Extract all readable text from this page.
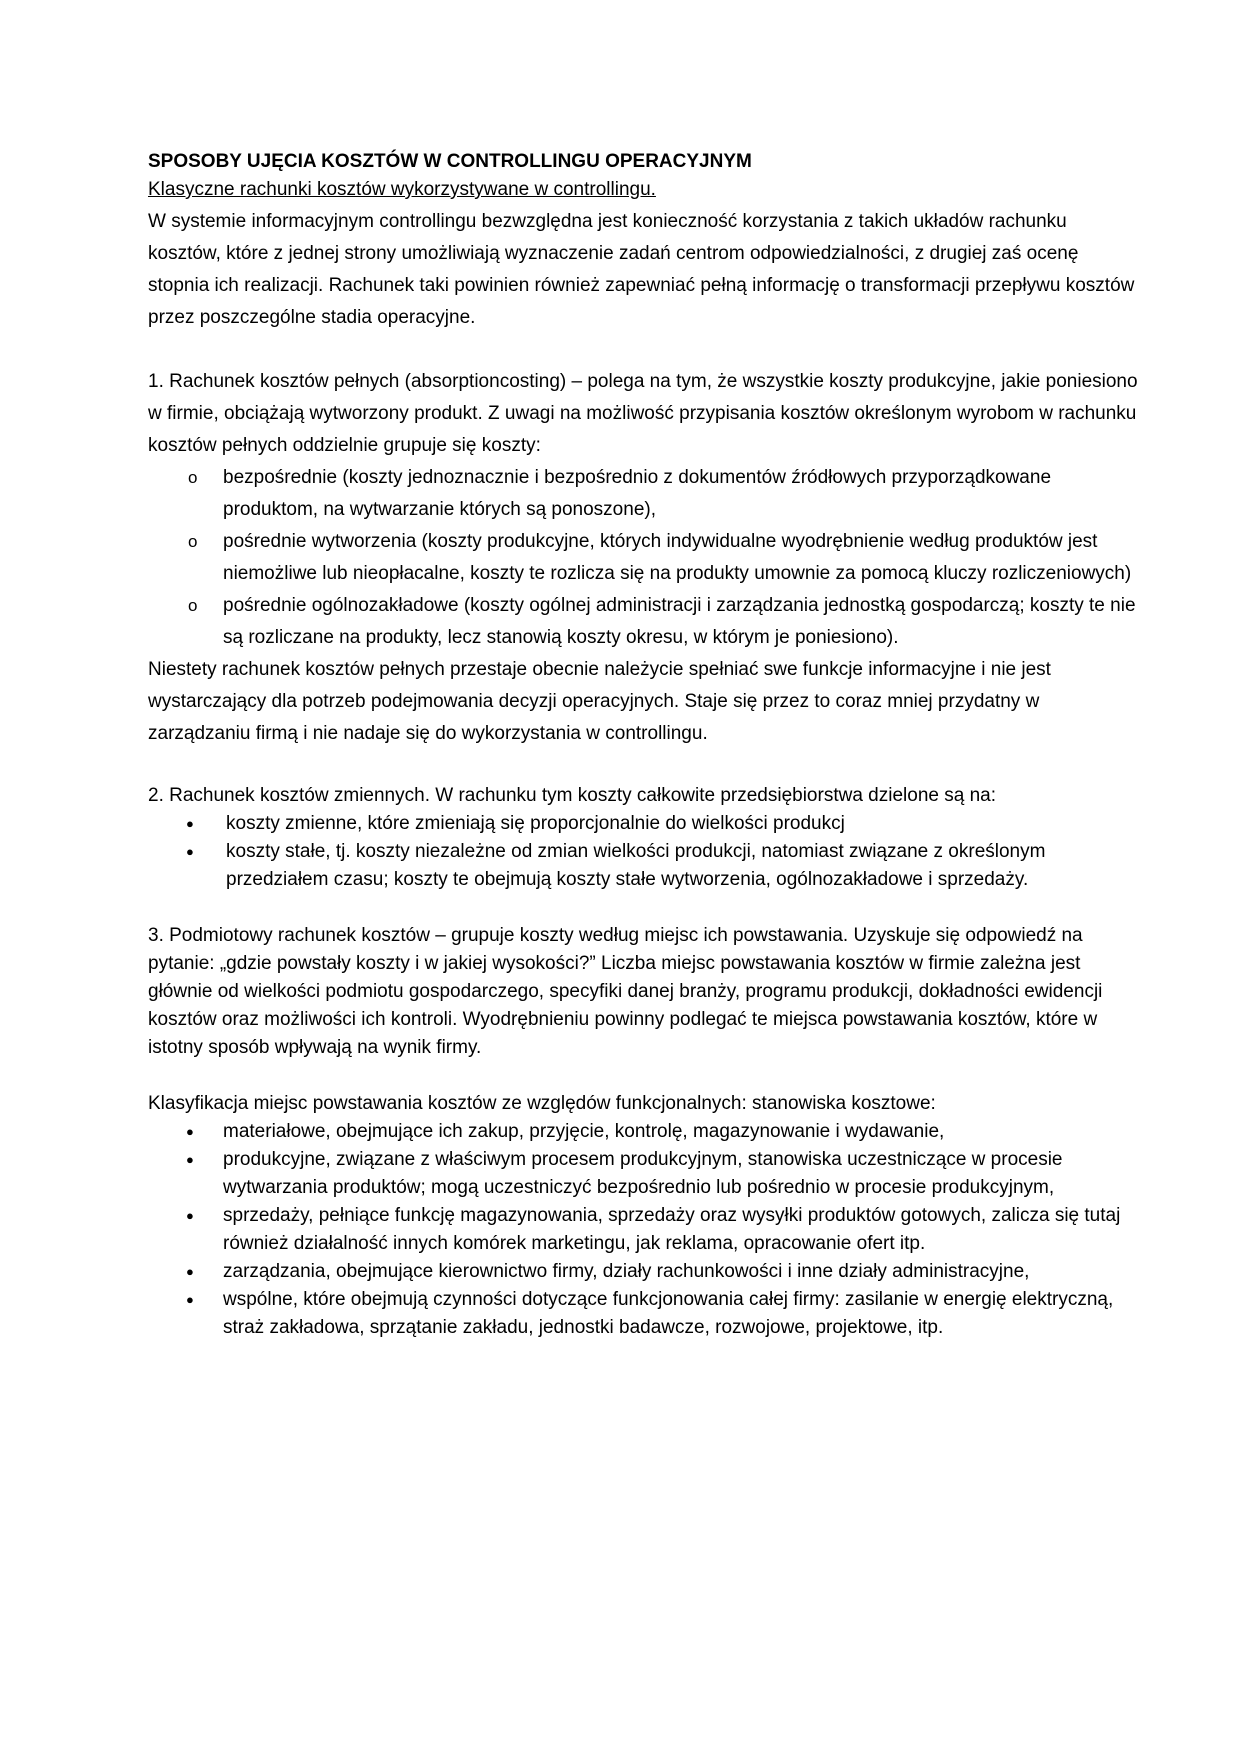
SPOSOBY UJĘCIA KOSZTÓW W CONTROLLINGU OPERACYJNYM

Klasyczne rachunki kosztów wykorzystywane w controllingu.

W systemie informacyjnym controllingu bezwzględna jest konieczność korzystania z takich układów rachunku kosztów, które z jednej strony umożliwiają wyznaczenie zadań centrom odpowiedzialności, z drugiej zaś ocenę stopnia ich realizacji. Rachunek taki powinien również zapewniać pełną informację o transformacji przepływu kosztów przez poszczególne stadia operacyjne.

1. Rachunek kosztów pełnych (absorptioncosting) – polega na tym, że wszystkie koszty produkcyjne, jakie poniesiono w firmie, obciążają wytworzony produkt. Z uwagi na możliwość przypisania kosztów określonym wyrobom w rachunku kosztów pełnych oddzielnie grupuje się koszty:

o bezpośrednie (koszty jednoznacznie i bezpośrednio z dokumentów źródłowych przyporządkowane produktom, na wytwarzanie których są ponoszone),
o pośrednie wytworzenia (koszty produkcyjne, których indywidualne wyodrębnienie według produktów jest niemożliwe lub nieopłacalne, koszty te rozlicza się na produkty umownie za pomocą kluczy rozliczeniowych)
o pośrednie ogólnozakładowe (koszty ogólnej administracji i zarządzania jednostką gospodarczą; koszty te nie są rozliczane na produkty, lecz stanowią koszty okresu, w którym je poniesiono).

Niestety rachunek kosztów pełnych przestaje obecnie należycie spełniać swe funkcje informacyjne i nie jest wystarczający dla potrzeb podejmowania decyzji operacyjnych. Staje się przez to coraz mniej przydatny w zarządzaniu firmą i nie nadaje się do wykorzystania w controllingu.

2. Rachunek kosztów zmiennych. W rachunku tym koszty całkowite przedsiębiorstwa dzielone są na:

● koszty zmienne, które zmieniają się proporcjonalnie do wielkości produkcj
● koszty stałe, tj. koszty niezależne od zmian wielkości produkcji, natomiast związane z określonym przedziałem czasu; koszty te obejmują koszty stałe wytworzenia, ogólnozakładowe i sprzedaży.

3. Podmiotowy rachunek kosztów – grupuje koszty według miejsc ich powstawania. Uzyskuje się odpowiedź na pytanie: „gdzie powstały koszty i w jakiej wysokości?” Liczba miejsc powstawania kosztów w firmie zależna jest głównie od wielkości podmiotu gospodarczego, specyfiki danej branży, programu produkcji, dokładności ewidencji kosztów oraz możliwości ich kontroli. Wyodrębnieniu powinny podlegać te miejsca powstawania kosztów, które w istotny sposób wpływają na wynik firmy.

Klasyfikacja miejsc powstawania kosztów ze względów funkcjonalnych: stanowiska kosztowe:

● materiałowe, obejmujące ich zakup, przyjęcie, kontrolę, magazynowanie i wydawanie,
● produkcyjne, związane z właściwym procesem produkcyjnym, stanowiska uczestniczące w procesie wytwarzania produktów; mogą uczestniczyć bezpośrednio lub pośrednio w procesie produkcyjnym,
● sprzedaży, pełniące funkcję magazynowania, sprzedaży oraz wysyłki produktów gotowych, zalicza się tutaj również działalność innych komórek marketingu, jak reklama, opracowanie ofert itp.
● zarządzania, obejmujące kierownictwo firmy, działy rachunkowości i inne działy administracyjne,
● wspólne, które obejmują czynności dotyczące funkcjonowania całej firmy: zasilanie w energię elektryczną, straż zakładowa, sprzątanie zakładu, jednostki badawcze, rozwojowe, projektowe, itp.
